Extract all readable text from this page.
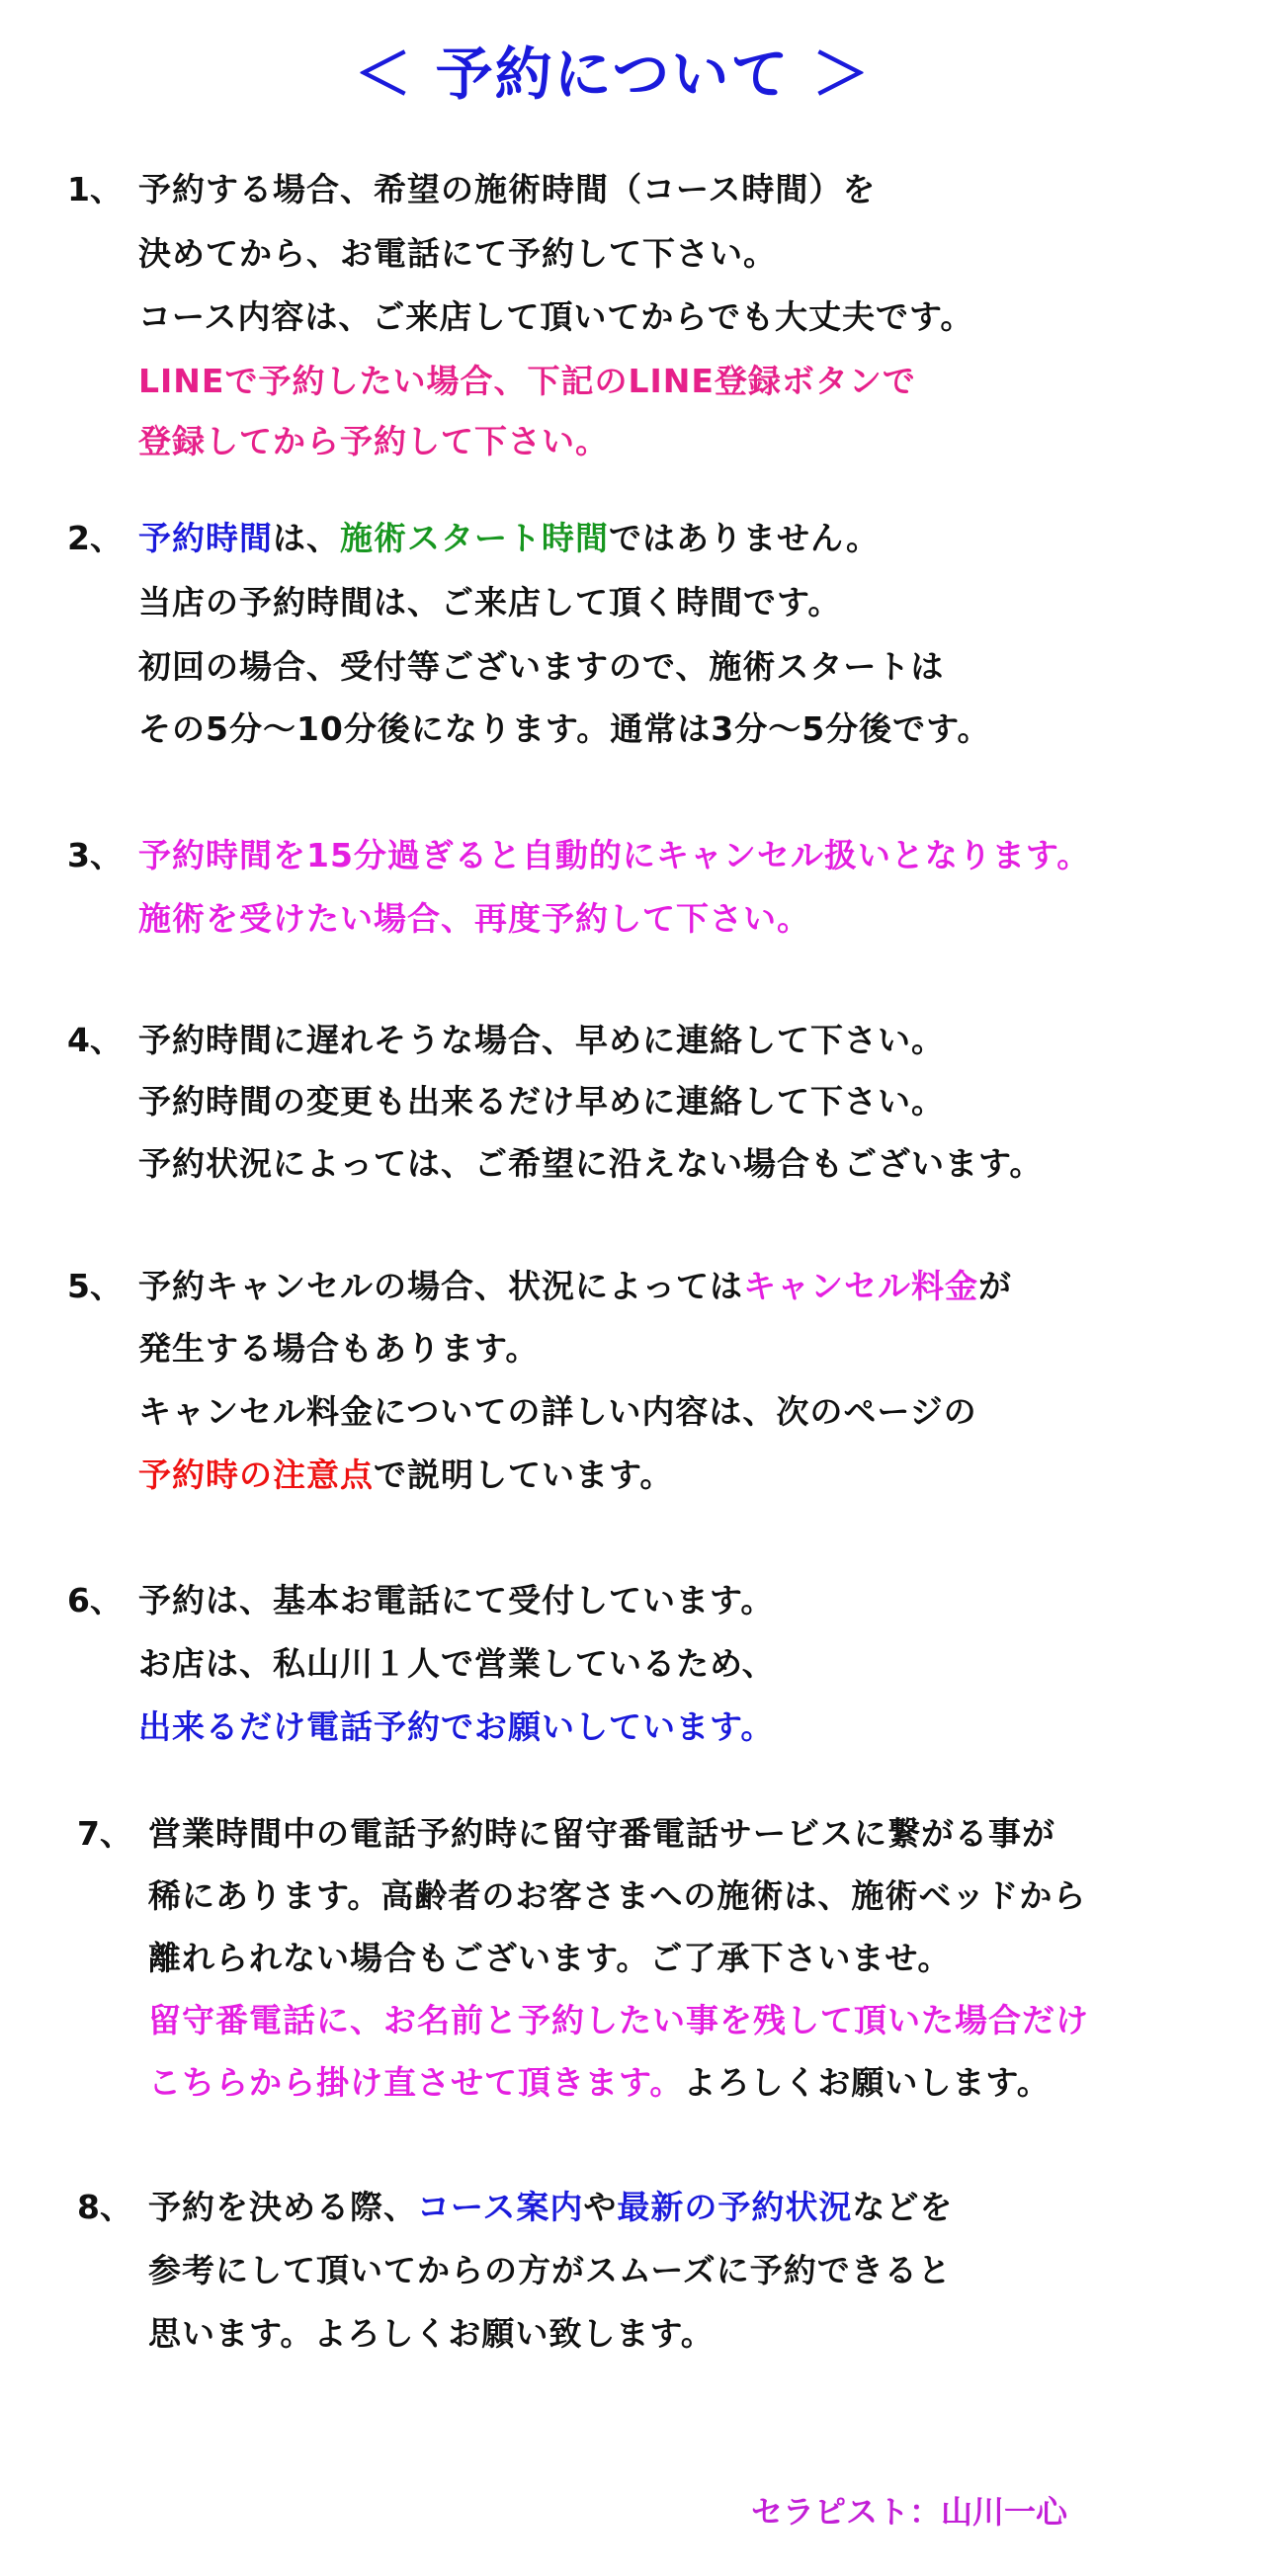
＜ 予約について ＞
1、 予約する場合、希望の施術時間（コース時間）を
決めてから、お電話にて予約して下さい。
コース内容は、ご来店して頂いてからでも大丈夫です。
LINEで予約したい場合、下記のLINE登録ボタンで
登録してから予約して下さい。
2、 予約時間は、施術スタート時間ではありません。
当店の予約時間は、ご来店して頂く時間です。
初回の場合、受付等ございますので、施術スタートは
その5分～10分後になります。通常は3分～5分後です。
3、 予約時間を15分過ぎると自動的にキャンセル扱いとなります。
施術を受けたい場合、再度予約して下さい。
4、 予約時間に遅れそうな場合、早めに連絡して下さい。
予約時間の変更も出来るだけ早めに連絡して下さい。
予約状況によっては、ご希望に沿えない場合もございます。
5、 予約キャンセルの場合、状況によってはキャンセル料金が
発生する場合もあります。
キャンセル料金についての詳しい内容は、次のページの
予約時の注意点で説明しています。
6、 予約は、基本お電話にて受付しています。
お店は、私山川１人で営業しているため、
出来るだけ電話予約でお願いしています。
7、 営業時間中の電話予約時に留守番電話サービスに繋がる事が
稀にあります。高齢者のお客さまへの施術は、施術ベッドから
離れられない場合もございます。ご了承下さいませ。
留守番電話に、お名前と予約したい事を残して頂いた場合だけ
こちらから掛け直させて頂きます。よろしくお願いします。
8、 予約を決める際、コース案内や最新の予約状況などを
参考にして頂いてからの方がスムーズに予約できると
思います。よろしくお願い致します。
セラピスト：山川一心
